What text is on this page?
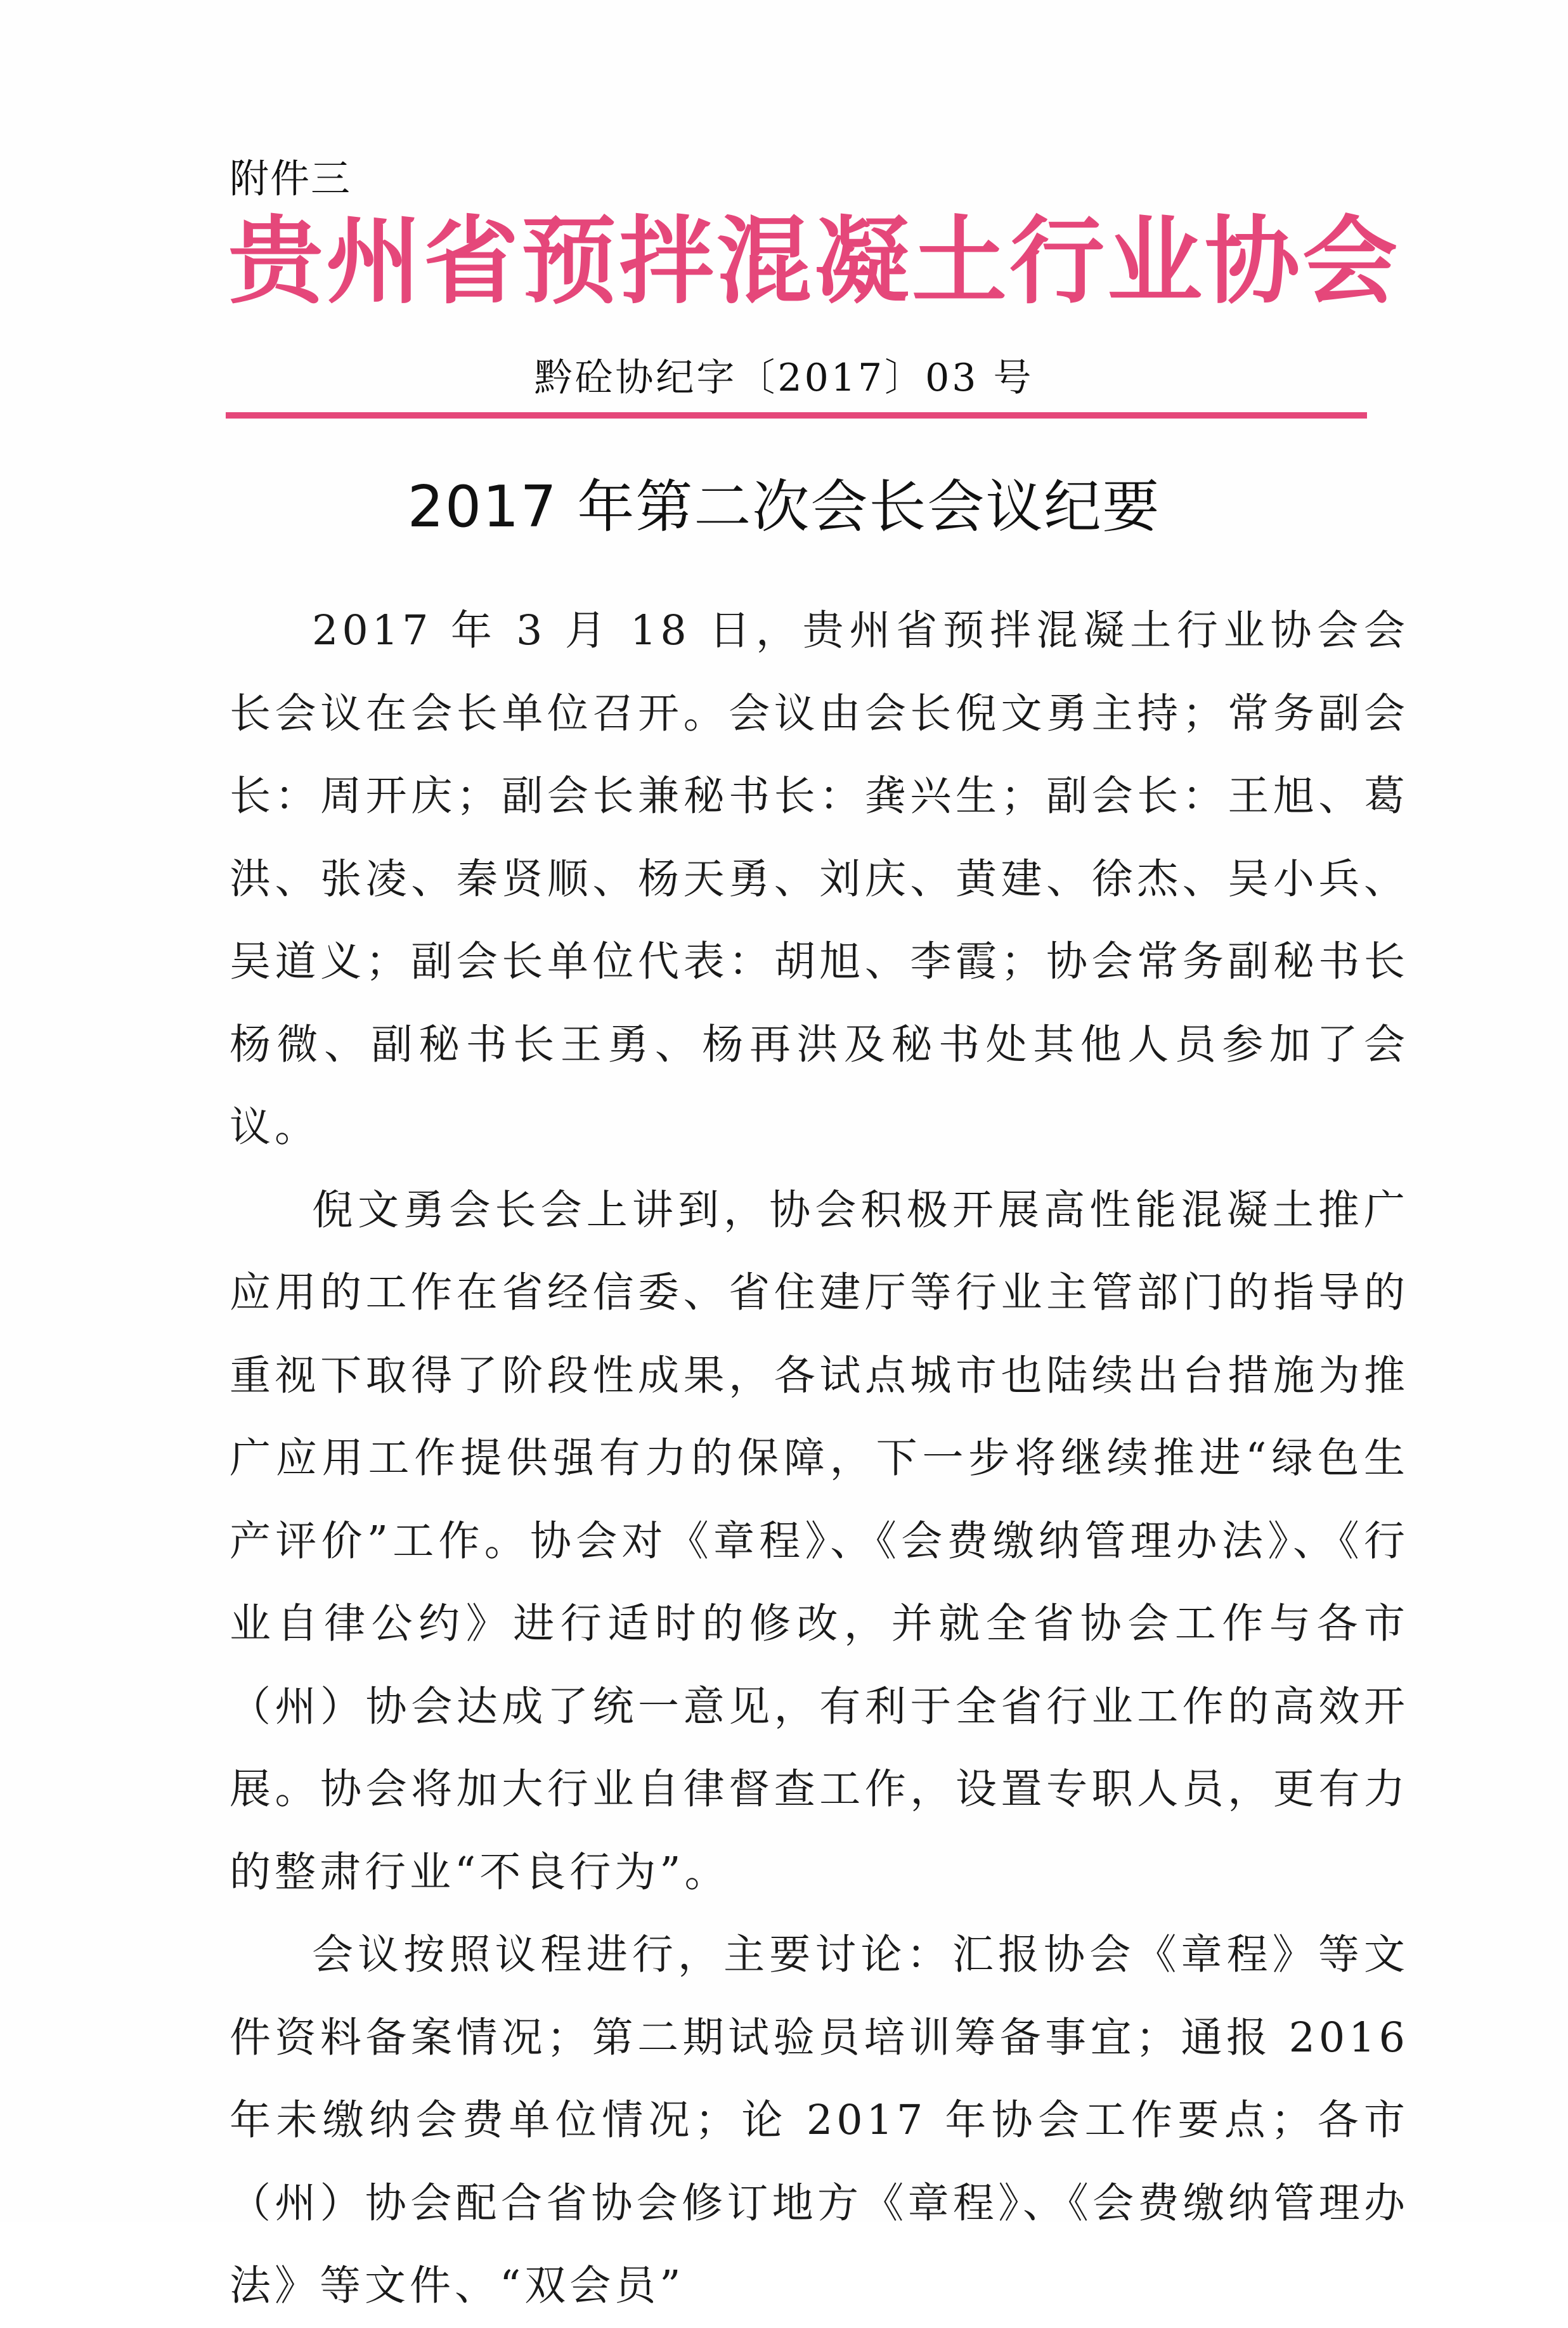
附件三
贵州省预拌混凝土行业协会
黔砼协纪字〔2017〕03 号
2017 年第二次会长会议纪要

2017 年 3 月 18 日，贵州省预拌混凝土行业协会会长会议在会长单位召开。会议由会长倪文勇主持；常务副会长：周开庆；副会长兼秘书长：龚兴生；副会长：王旭、葛洪、张凌、秦贤顺、杨天勇、刘庆、黄建、徐杰、吴小兵、吴道义；副会长单位代表：胡旭、李霞；协会常务副秘书长杨微、副秘书长王勇、杨再洪及秘书处其他人员参加了会议。

倪文勇会长会上讲到，协会积极开展高性能混凝土推广应用的工作在省经信委、省住建厅等行业主管部门的指导的重视下取得了阶段性成果，各试点城市也陆续出台措施为推广应用工作提供强有力的保障，下一步将继续推进“绿色生产评价”工作。协会对《章程》、《会费缴纳管理办法》、《行业自律公约》进行适时的修改，并就全省协会工作与各市（州）协会达成了统一意见，有利于全省行业工作的高效开展。协会将加大行业自律督查工作，设置专职人员，更有力的整肃行业“不良行为”。

会议按照议程进行，主要讨论：汇报协会《章程》等文件资料备案情况；第二期试验员培训筹备事宜；通报 2016 年未缴纳会费单位情况；论 2017 年协会工作要点；各市（州）协会配合省协会修订地方《章程》、《会费缴纳管理办法》等文件、“双会员”
